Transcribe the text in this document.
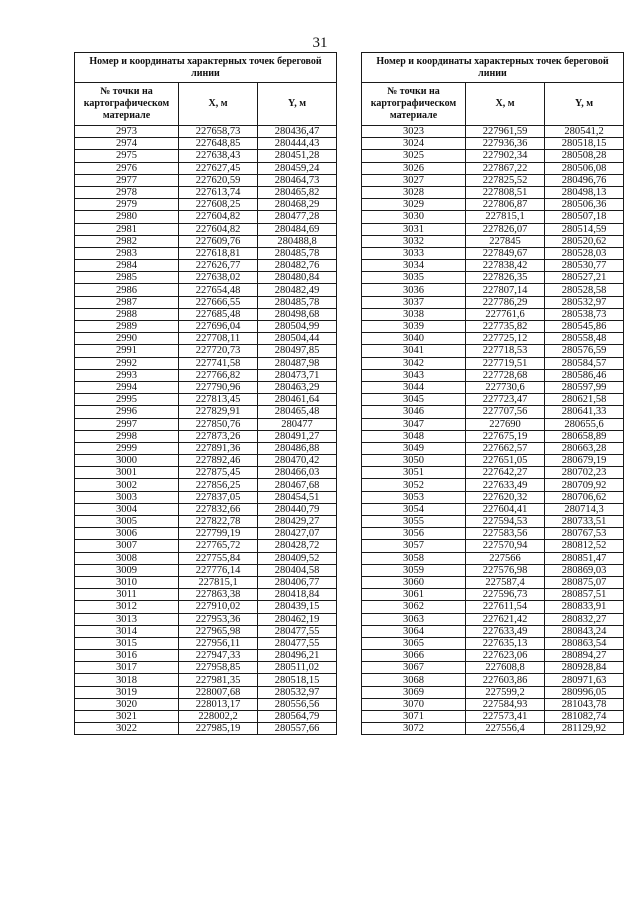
31
Номер и координаты характерных точек береговой линии		
№ точки на картографическом материале	X, м	Y, м
2973	227658,73	280436,47
2974	227648,85	280444,43
2975	227638,43	280451,28
2976	227627,45	280459,24
2977	227620,59	280464,73
2978	227613,74	280465,82
2979	227608,25	280468,29
2980	227604,82	280477,28
2981	227604,82	280484,69
2982	227609,76	280488,8
2983	227618,81	280485,78
2984	227626,77	280482,76
2985	227638,02	280480,84
2986	227654,48	280482,49
2987	227666,55	280485,78
2988	227685,48	280498,68
2989	227696,04	280504,99
2990	227708,11	280504,44
2991	227720,73	280497,85
2992	227741,58	280487,98
2993	227766,82	280473,71
2994	227790,96	280463,29
2995	227813,45	280461,64
2996	227829,91	280465,48
2997	227850,76	280477
2998	227873,26	280491,27
2999	227891,36	280486,88
3000	227892,46	280470,42
3001	227875,45	280466,03
3002	227856,25	280467,68
3003	227837,05	280454,51
3004	227832,66	280440,79
3005	227822,78	280429,27
3006	227799,19	280427,07
3007	227765,72	280428,72
3008	227755,84	280409,52
3009	227776,14	280404,58
3010	227815,1	280406,77
3011	227863,38	280418,84
3012	227910,02	280439,15
3013	227953,36	280462,19
3014	227965,98	280477,55
3015	227956,11	280477,55
3016	227947,33	280496,21
3017	227958,85	280511,02
3018	227981,35	280518,15
3019	228007,68	280532,97
3020	228013,17	280556,56
3021	228002,2	280564,79
3022	227985,19	280557,66
Номер и координаты характерных точек береговой линии		
№ точки на картографическом материале	X, м	Y, м
3023	227961,59	280541,2
3024	227936,36	280518,15
3025	227902,34	280508,28
3026	227867,22	280506,08
3027	227825,52	280496,76
3028	227808,51	280498,13
3029	227806,87	280506,36
3030	227815,1	280507,18
3031	227826,07	280514,59
3032	227845	280520,62
3033	227849,67	280528,03
3034	227838,42	280530,77
3035	227826,35	280527,21
3036	227807,14	280528,58
3037	227786,29	280532,97
3038	227761,6	280538,73
3039	227735,82	280545,86
3040	227725,12	280558,48
3041	227718,53	280576,59
3042	227719,51	280584,57
3043	227728,68	280586,46
3044	227730,6	280597,99
3045	227723,47	280621,58
3046	227707,56	280641,33
3047	227690	280655,6
3048	227675,19	280658,89
3049	227662,57	280663,28
3050	227651,05	280679,19
3051	227642,27	280702,23
3052	227633,49	280709,92
3053	227620,32	280706,62
3054	227604,41	280714,3
3055	227594,53	280733,51
3056	227583,56	280767,53
3057	227570,94	280812,52
3058	227566	280851,47
3059	227576,98	280869,03
3060	227587,4	280875,07
3061	227596,73	280857,51
3062	227611,54	280833,91
3063	227621,42	280832,27
3064	227633,49	280843,24
3065	227635,13	280863,54
3066	227623,06	280894,27
3067	227608,8	280928,84
3068	227603,86	280971,63
3069	227599,2	280996,05
3070	227584,93	281043,78
3071	227573,41	281082,74
3072	227556,4	281129,92
